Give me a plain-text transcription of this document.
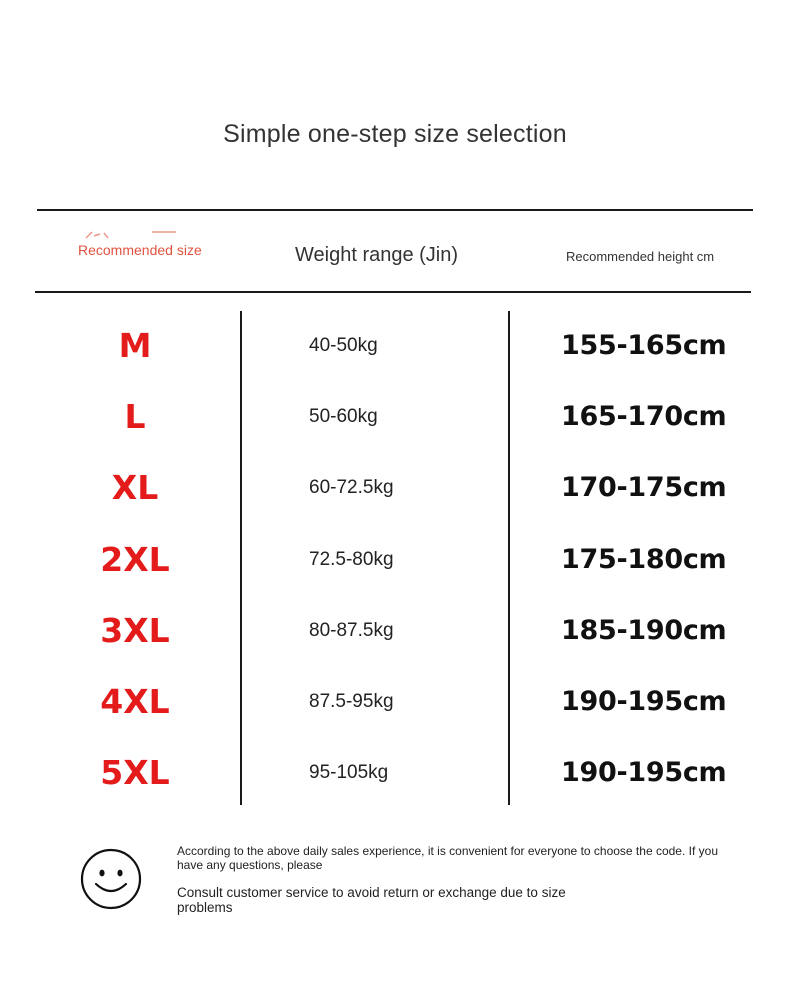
Simple one-step size selection
Recommended size	Weight range (Jin)	Recommended height cm
M	40-50kg	155-165cm
L	50-60kg	165-170cm
XL	60-72.5kg	170-175cm
2XL	72.5-80kg	175-180cm
3XL	80-87.5kg	185-190cm
4XL	87.5-95kg	190-195cm
5XL	95-105kg	190-195cm
According to the above daily sales experience, it is convenient for everyone to choose the code. If you have any questions, please
Consult customer service to avoid return or exchange due to size problems
